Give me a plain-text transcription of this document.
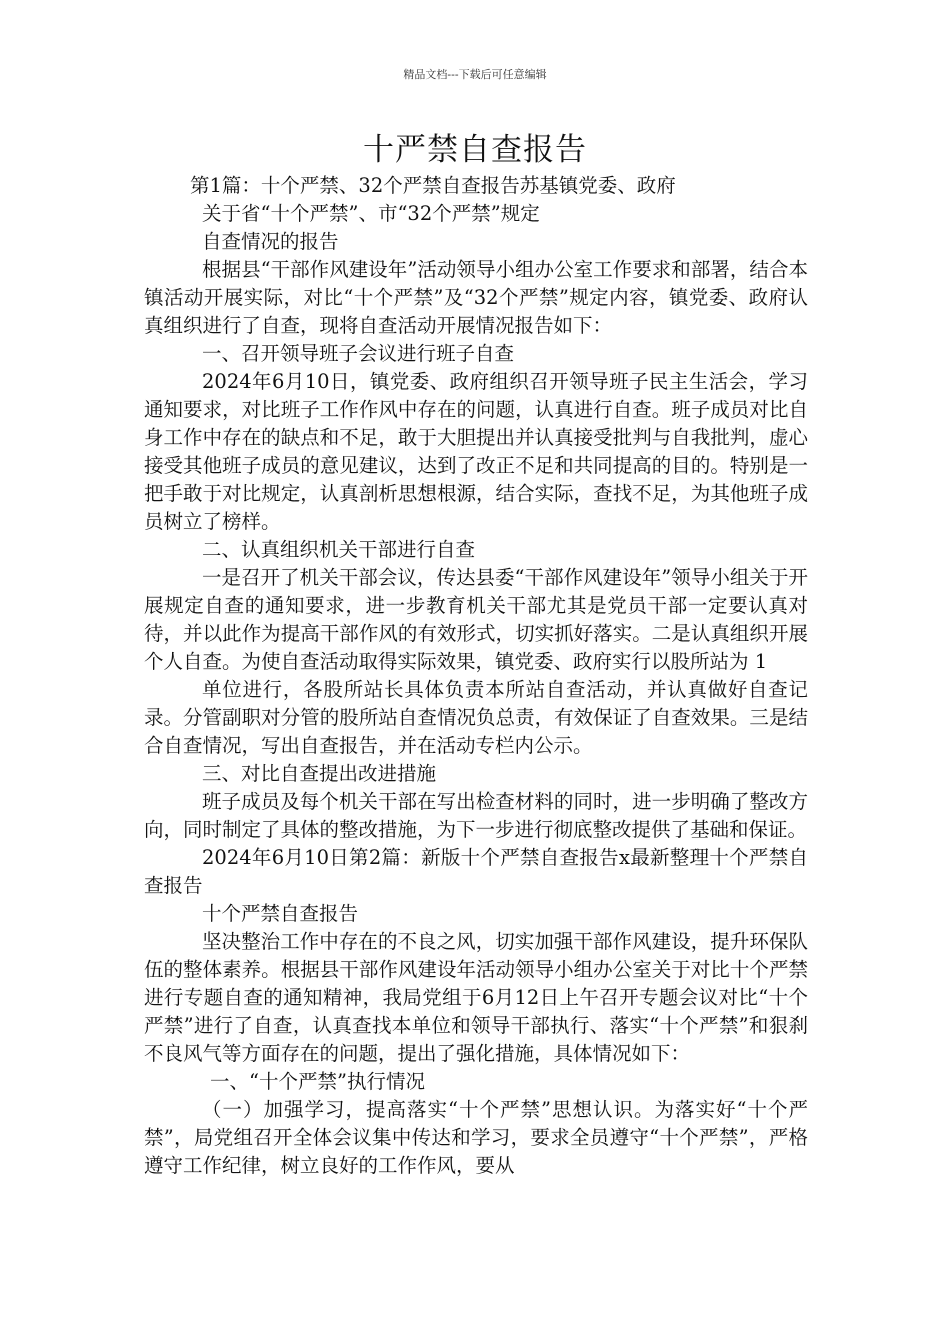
精品文档---下载后可任意编辑
十严禁自查报告

第1篇：十个严禁、32个严禁自查报告苏基镇党委、政府

关于省“十个严禁”、市“32个严禁”规定

自查情况的报告

根据县“干部作风建设年”活动领导小组办公室工作要求和部署，结合本镇活动开展实际，对比“十个严禁”及“32个严禁”规定内容，镇党委、政府认真组织进行了自查，现将自查活动开展情况报告如下：

一、召开领导班子会议进行班子自查

2024年6月10日，镇党委、政府组织召开领导班子民主生活会，学习通知要求，对比班子工作作风中存在的问题，认真进行自查。班子成员对比自身工作中存在的缺点和不足，敢于大胆提出并认真接受批判与自我批判，虚心接受其他班子成员的意见建议，达到了改正不足和共同提高的目的。特别是一把手敢于对比规定，认真剖析思想根源，结合实际，查找不足，为其他班子成员树立了榜样。

二、认真组织机关干部进行自查

一是召开了机关干部会议，传达县委“干部作风建设年”领导小组关于开展规定自查的通知要求，进一步教育机关干部尤其是党员干部一定要认真对待，并以此作为提高干部作风的有效形式，切实抓好落实。二是认真组织开展个人自查。为使自查活动取得实际效果，镇党委、政府实行以股所站为 1

单位进行，各股所站长具体负责本所站自查活动，并认真做好自查记录。分管副职对分管的股所站自查情况负总责，有效保证了自查效果。三是结合自查情况，写出自查报告，并在活动专栏内公示。

三、对比自查提出改进措施

班子成员及每个机关干部在写出检查材料的同时，进一步明确了整改方向，同时制定了具体的整改措施，为下一步进行彻底整改提供了基础和保证。

2024年6月10日第2篇：新版十个严禁自查报告x最新整理十个严禁自查报告

十个严禁自查报告

坚决整治工作中存在的不良之风，切实加强干部作风建设，提升环保队伍的整体素养。根据县干部作风建设年活动领导小组办公室关于对比十个严禁进行专题自查的通知精神，我局党组于6月12日上午召开专题会议对比“十个严禁”进行了自查，认真查找本单位和领导干部执行、落实“十个严禁”和狠刹不良风气等方面存在的问题，提出了强化措施，具体情况如下：

一、“十个严禁”执行情况

（一）加强学习，提高落实“十个严禁”思想认识。为落实好“十个严禁”，局党组召开全体会议集中传达和学习，要求全员遵守“十个严禁”，严格遵守工作纪律，树立良好的工作作风，要从
